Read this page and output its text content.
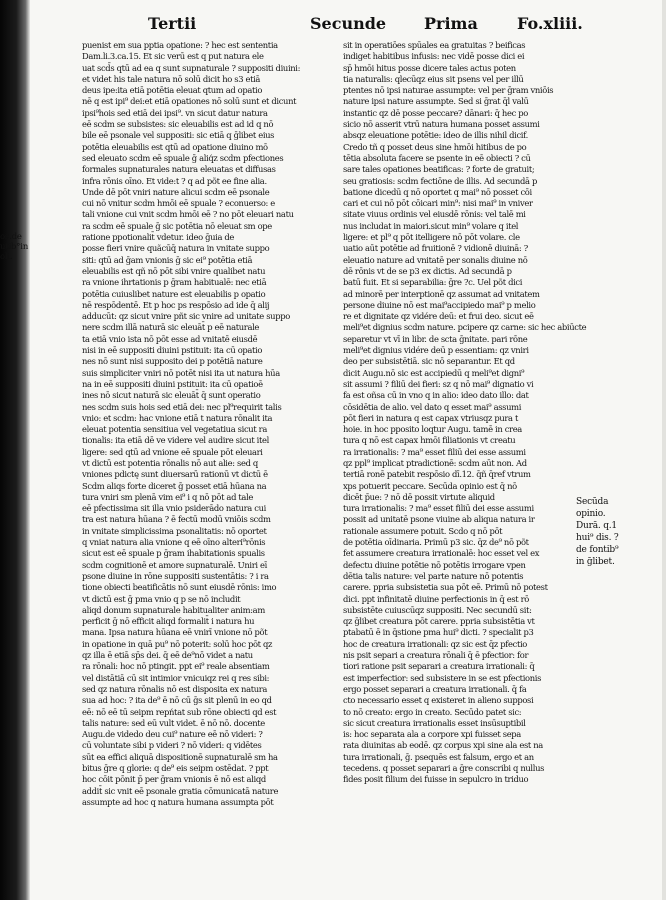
os.de
utib°in
oli.
Tertii	Secunde Prima Fo.xliii.
puenist em sua pptia opatione: ? hec est sententia
Dam.li.3.ca.15. Et sic verū est q put natura ele
uat scd̄s qtū ad ea q sunt supnaturale ? suppositi diuini:
et videt his tale natura nō solū dicit ho s3 etiā
deus ipe:ita etiā potētia eleuat qtum ad opatio
nē q est ipi⁹ dei:et etiā opationes nō solū sunt et dicunt
ipsi⁹hois sed etiā dei ipsi⁹. vn sicut datur natura
eē scdm se subsistes: sic eleuabilis est ad id q nō
bile eē psonale vel suppositi: sic etiā q ḡlibet eius
potētia eleuabilis est qtū ad opatione diuino mō
sed eleuato scdm eē spuale ḡ aliq́z scdm pfectiones
formales supnaturales natura eleuatas et diffusas
infra rōnis oīno. Et vide:t ? q ad põt ee fine alia.
Unde dē pōt vniri nature alicui scdm eē psonale
cui nō vnitur scdm hmōi eē spuale ? econuerso: e
tali vnione cui vnit scdm hmōi eē ? no pōt eleuari natu
ra scdm eē spuale ḡ sic potētia nō eleuat sm ope
ratione ppotionalit̄ vdetur. ideo ḡuia de
posse fieri vnire quãcūq̄ natura in vnitate suppo
siti: qtū ad ḡam vnionis ḡ sic ei⁹ potētia etiā
eleuabilis est qñ nō pōt sibi vnire qualibet natu
ra vnione ihrtationis p ḡram habitualē: nec etiā
potētia cuiuslibet nature est eleuabilis p opatio
nē respōdentē. Et p hoc ps respōsio ad ide q̄ alij
adducūt: qz sicut vnire pñt sic vnire ad unitate suppo
nere scdm illā naturā sic eleuāt̄ p eē naturale
ta etiā vnio ista nō pōt esse ad vnitatē eiusdē
nisi in eē suppositi diuini pstituit: ita cū opatio
nes nō sunt nisi supposito dei p potētiā nature
suis simpliciter vniri nō potēt nisi ita ut natura hūa
na in eē suppositi diuini pstituit: ita cū opatioē
ines nō sicut naturā sic eleuāt̄ q̄ sunt operatio
nes scdm suis hois sed etiā dei: nec pl⁹requirit talis
vnio: et scdm: hac vnione etiā t natura rōnalit ita
eleuat potentia sensitiua vel vegetatiua sicut ra
tionalis: ita etiā dē ve videre vel audire sicut itel
ligere: sed qtū ad vnione eē spuale pōt eleuari
vt dictū est potentia rōnalis nō aut alie: sed q
vniones pdictę sunt diuersarū rationū vt dictū ē
Scdm aliqs forte diceret ḡ posset etiā hūana na
tura vniri sm plenā vim ei⁹ i q nō pōt ad tale
eē pfectissima sit illa vnio psiderādo natura cui
tra est natura hūana ? ē fectū modū vniōis scdm
in vnitate simplicissima psonalitatis: nō oportet
q vniat natura alia vnione q eē oīno alteri⁹rōnis
sicut est eē spuale p ḡram ihabitationis spualis
scdm cognitionē et amore supnaturalē. Uniri eī
psone diuine in rōne suppositi sustentātis: ? i ra
tione obiecti beatificātis nō sunt eiusdē rōnis: imo
vt dictū est ḡ pma vnio q p se nō includit
aliqd donum supnaturale habitualiter anim:am
perficit ḡ nō efficit aliqd formalit̄ i natura hu
mana. Ipsa natura hūana eē vnirī vnione nō põt
in opatione in quā pu⁹ nō poterit: solū hoc pōt qz
qz illa ē etiā sp̄s dei. q̄ eē de⁹nō videt a natu
ra rōnali: hoc nō ptingit. ppt ei⁹ reale absentiam
vel distātiā cū sit intimior vnicuiqz rei q res sibi:
sed qz natura rōnalis nō est disposita ex natura
sua ad hoc: ? ita de⁹ ē nō cū ḡs sit plenū in eo qd
eē: nō eē tū seipm repńtat sub rōne obiecti qd est
talis nature: sed eū vult videt. ē nō nō. docente
Augu.de videdo deu cui⁹ nature eē nō videri: ?
cū voluntate sibi p videri ? nō videri: q vidētes
sūt ea effici aliquā dispositionē supnaturalē sm ha
bitus ḡre q glorie: q de⁹ eis seipm ostēdat. ? ppt
hoc cōit pōnit p̄ per ḡram vnionis ē nō est aliqd
addit̄ sic vnit eē psonale gratia cōmunicatā nature
assumpte ad hoc q natura humana assumpta pōt
sit in operatiōes spūales ea gratuitas ? beificas
indiget habitibus infusis: nec vidē posse dici ei
sp̄ hmōi hitus posse dicere tales actus poten
tia naturalis: qlecūqz eius sit psens vel per illū
ptentes nō ipsi naturae assumpte: vel per ḡram vniōis
nature ipsi nature assumpte. Sed si ḡrat q̄l valū
instantic qz dē posse peccare? dānari: q̄ hec po
sicio nō asserit vtrū natura humana posset assumi
absqz eleuatione potētie: ideo de illis nihil dicif.
Credo tñ q posset deus sine hmōi hitibus de po
tētia absoluta facere se psente in eē obiecti ? cū
sare tales opationes beatificas: ? forte de gratuit;
seu gratiosis: scdm fectiōne de illis. Ad secundā p
batione dicedū q nō oportet q mai⁹ nō posset cōi
cari et cui nō pōt cōicari min⁹: nisi mai⁹ in vniver
sitate viuus ordinis vel eiusdē rōnis: vel talē mi
nus includat in maiori.sicut min⁹ volare q itel
ligere: et pl⁹ q pōt itelligere nō pōt volare. cle
uatio aūt potētie ad fruitionē ? vidionē diuinā: ?
eleuatio nature ad vnitatē per sonalis diuine nō
dē rōnis vt de se p3 ex dictis. Ad secundā p
batū fuit. Et si separabilia: ḡre ?c. Uel põt dici
ad minorē per interptionē qz assumat ad vnitatem
persone diuine nō est mai⁹accipiedo mai⁹ p melio
re et dignitate qz vidére deū: et frui deo. sicut eē
meli⁹et dignius scdm nature. pcipere qz carne: sic hec abiūcte
separetur vt vī in libr. de scta ḡnitate. pari rōne
meli⁹et dignius vidére deū p essentiam: qz vniri
deo per subsistētiā. sic nō separantur. Et qd
dicit Augu.nō sic est accipiedū q meli⁹et digni⁹
sit assumi ? filiū dei fieri: sz q nō mai⁹ dignatio vi
fa est oñsa cū in vno q in alio: ideo dato illo: dat
cōsidētia de alio. vel dato q esset mai⁹ assumi
pōt fieri in natura q est capax vtriusqz pura t
hoie. in hoc pposito loqtur Augu. tamē in crea
tura q nō est capax hmōi filiationis vt creatu
ra irrationalis: ? ma⁹ esset filiū dei esse assumi
qz ppl⁹ implicat ptradictionē: scdm aūt non. Ad
tertiā ronē patebit respōsio dī.12. q̄ñ q̄ref vtrum
xps potuerit peccare. Secūda opinio est q̄ nō
dicēt p̄ue: ? nō dē possit virtute aliquid
tura irrationalis: ? ma⁹ esset filiū dei esse assumi
possit ad unitatē psone viuine ab aliqua natura ir
rationale assumere potuit. Scdo q nō pōt
de potētia oīdinaria. Primū p3 sic. q̄z de⁹ nō põt
fet assumere creatura irrationalē: hoc esset vel ex
defectu diuine potētie nō potētis irrogare vpen
dētia talis nature: vel parte nature nō potentis
carere. ppria subsistetia sua pōt eē. Primū nō potest
dici. ppt infinitatē diuine perfectionis in q̄ est rō
subsistēte cuiuscūqz suppositi. Nec secundū sit:
qz ḡlibet creatura pōt carere. ppria subsistētia vt
ptabatū ē in q̄stione pma hui⁹ dicti. ? specialit p3
hoc de creatura irrationali: qz sic est q̄z pfectio
nis psit separi a creatura rōnali q̄ ē pfectior: for
tiori ratione psit separari a creatura irrationali: q̄
est imperfectior: sed subsistere in se est pfectionis
ergo posset separari a creatura irrationali. q̄ fa
cto necessario esset q existeret in alieno supposi
to nō creato: ergo in creato. Secūdo patet sic:
sic sicut creatura irrationalis esset insūsuptibil
is: hoc separata ala a corpore xpi fuisset sepa
rata diuinitas ab eodē. qz corpus xpi sine ala est na
tura irrationali, ḡ. psequēs est falsum, ergo et an
tecedens. q posset separari a ḡre conscribi q nullus
fides posit filium dei fuisse in sepulcro in triduo
Secūda
opinio.
Durā. q.1
hui⁹ dis. ?
de fontib⁹
in ḡlibet.
